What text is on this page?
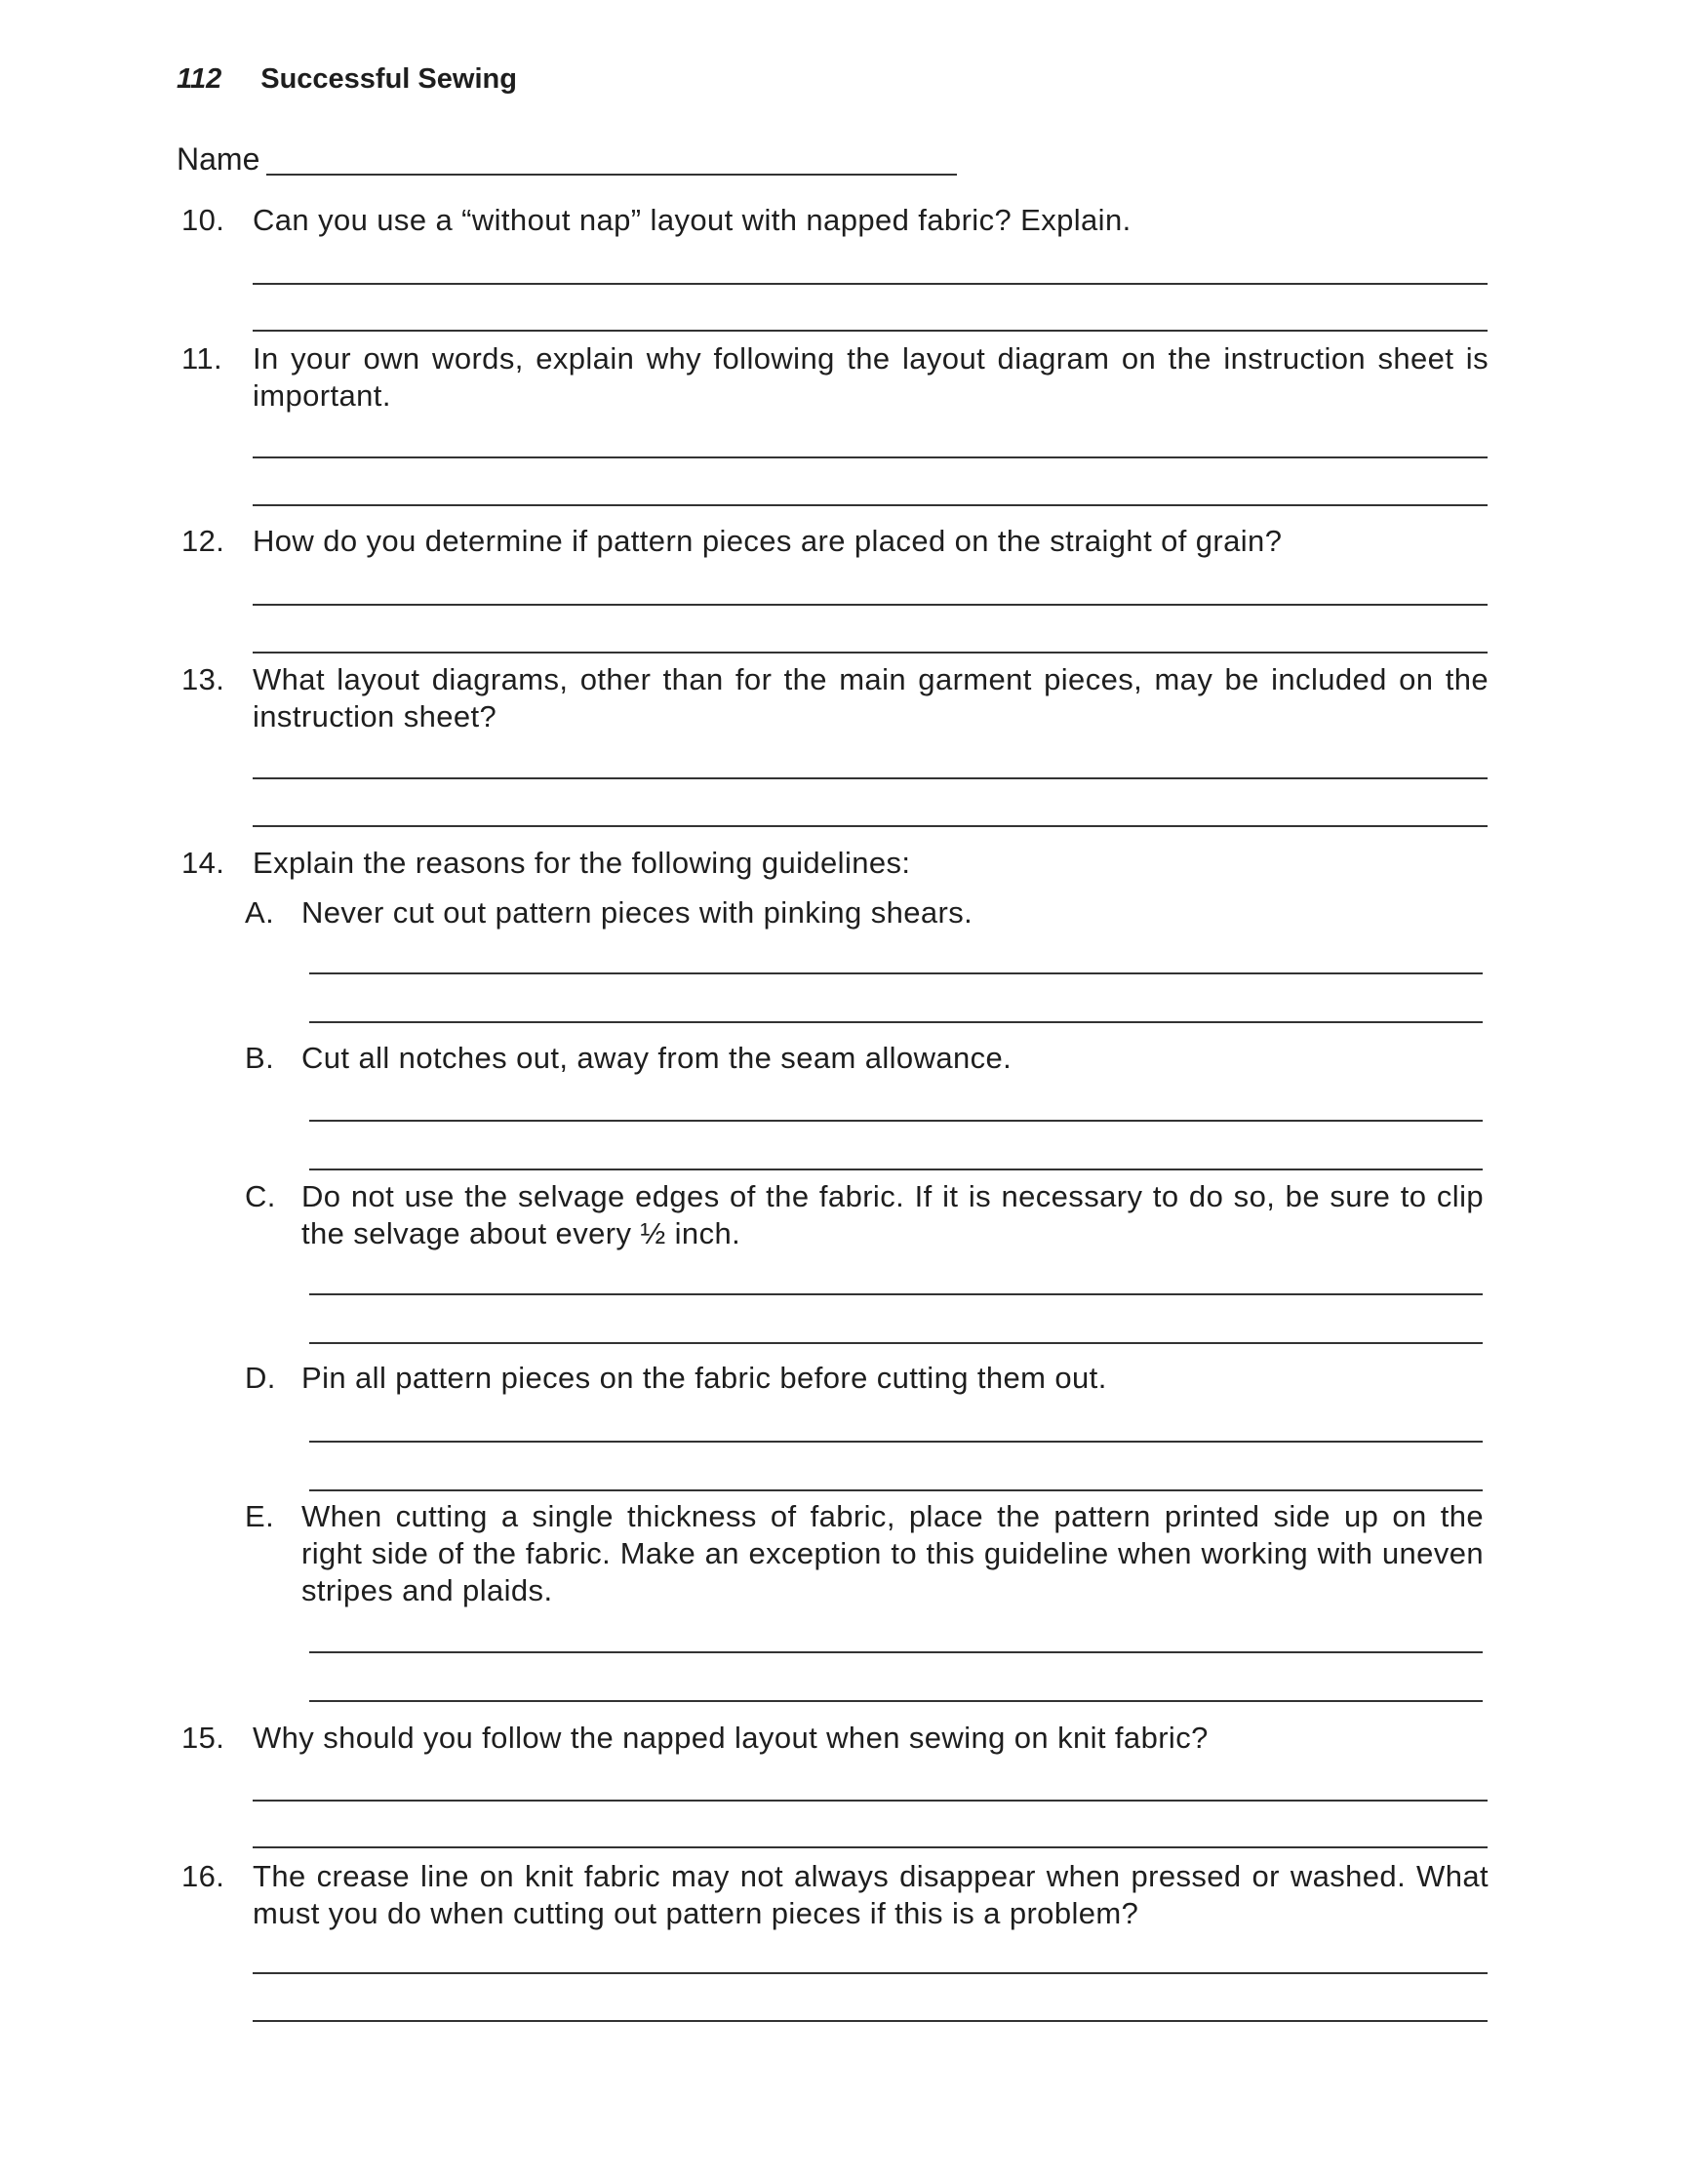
112 Successful Sewing
Name
10. Can you use a “without nap” layout with napped fabric? Explain.
11. In your own words, explain why following the layout diagram on the instruction sheet is important.
12. How do you determine if pattern pieces are placed on the straight of grain?
13. What layout diagrams, other than for the main garment pieces, may be included on the instruction sheet?
14. Explain the reasons for the following guidelines:
A. Never cut out pattern pieces with pinking shears.
B. Cut all notches out, away from the seam allowance.
C. Do not use the selvage edges of the fabric. If it is necessary to do so, be sure to clip the selvage about every ½ inch.
D. Pin all pattern pieces on the fabric before cutting them out.
E. When cutting a single thickness of fabric, place the pattern printed side up on the right side of the fabric. Make an exception to this guideline when working with uneven stripes and plaids.
15. Why should you follow the napped layout when sewing on knit fabric?
16. The crease line on knit fabric may not always disappear when pressed or washed. What must you do when cutting out pattern pieces if this is a problem?
